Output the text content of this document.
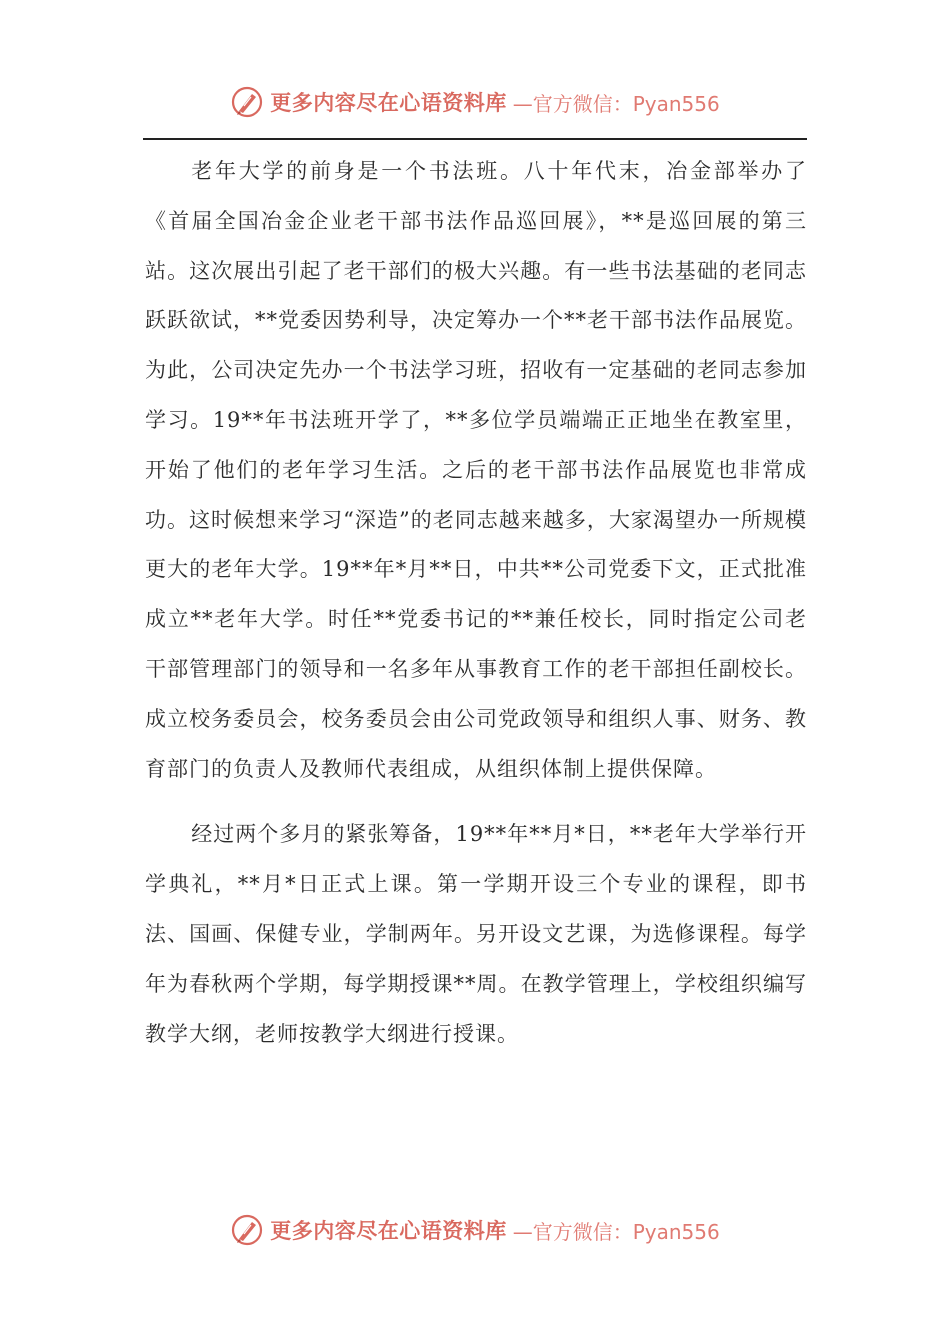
更多内容尽在心语资料库 —官方微信：Pyan556

老年大学的前身是一个书法班。八十年代末，冶金部举办了《首届全国冶金企业老干部书法作品巡回展》，**是巡回展的第三站。这次展出引起了老干部们的极大兴趣。有一些书法基础的老同志跃跃欲试，**党委因势利导，决定筹办一个**老干部书法作品展览。为此，公司决定先办一个书法学习班，招收有一定基础的老同志参加学习。19**年书法班开学了，**多位学员端端正正地坐在教室里，开始了他们的老年学习生活。之后的老干部书法作品展览也非常成功。这时候想来学习“深造”的老同志越来越多，大家渴望办一所规模更大的老年大学。19**年*月**日，中共**公司党委下文，正式批准成立**老年大学。时任**党委书记的**兼任校长，同时指定公司老干部管理部门的领导和一名多年从事教育工作的老干部担任副校长。成立校务委员会，校务委员会由公司党政领导和组织人事、财务、教育部门的负责人及教师代表组成，从组织体制上提供保障。

经过两个多月的紧张筹备，19**年**月*日，**老年大学举行开学典礼，**月*日正式上课。第一学期开设三个专业的课程，即书法、国画、保健专业，学制两年。另开设文艺课，为选修课程。每学年为春秋两个学期，每学期授课**周。在教学管理上，学校组织编写教学大纲，老师按教学大纲进行授课。

更多内容尽在心语资料库 —官方微信：Pyan556
